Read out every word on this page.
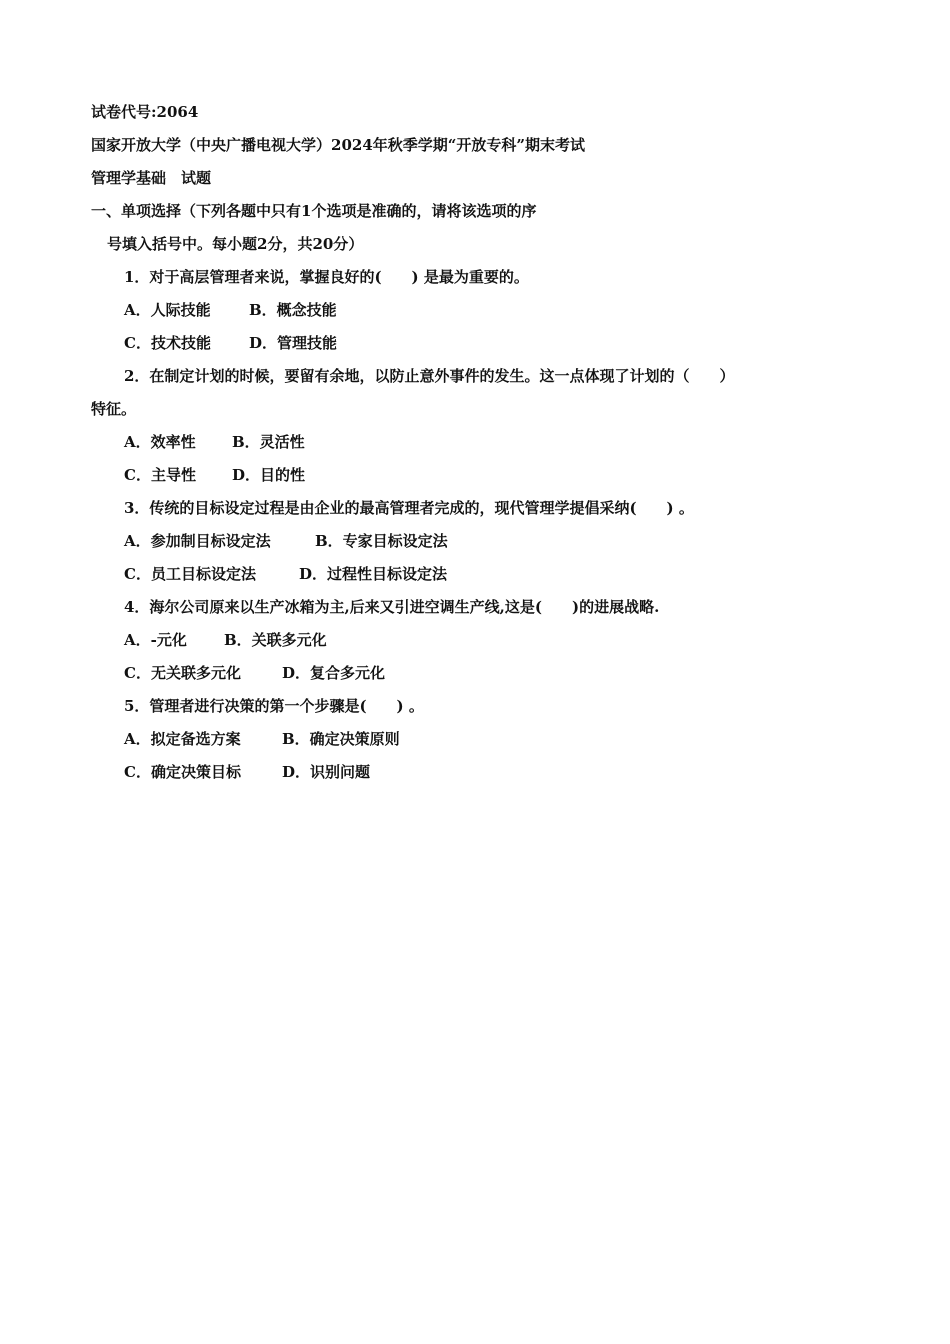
试卷代号:2064
国家开放大学（中央广播电视大学）2024年秋季学期“开放专科”期末考试
管理学基础　试题
一、单项选择（下列各题中只有1个选项是准确的，请将该选项的序
号填入括号中。每小题2分，共20分）
1．对于高层管理者来说，掌握良好的(　　) 是最为重要的。
A．人际技能	B．概念技能
C．技术技能	D．管理技能
2．在制定计划的时候，要留有余地，以防止意外事件的发生。这一点体现了计划的（　　）
特征。
A．效率性 B．灵活性
C．主导性 D．目的性
3．传统的目标设定过程是由企业的最高管理者完成的，现代管理学提倡采纳(　　) 。
A．参加制目标设定法	B．专家目标设定法
C．员工目标设定法	D．过程性目标设定法
4．海尔公司原来以生产冰箱为主,后来又引进空调生产线,这是(　　)的进展战略.
A．-元化 B．关联多元化
C．无关联多元化	D．复合多元化
5．管理者进行决策的第一个步骤是(　　) 。
A．拟定备选方案	B．确定决策原则
C．确定决策目标	D．识别问题
